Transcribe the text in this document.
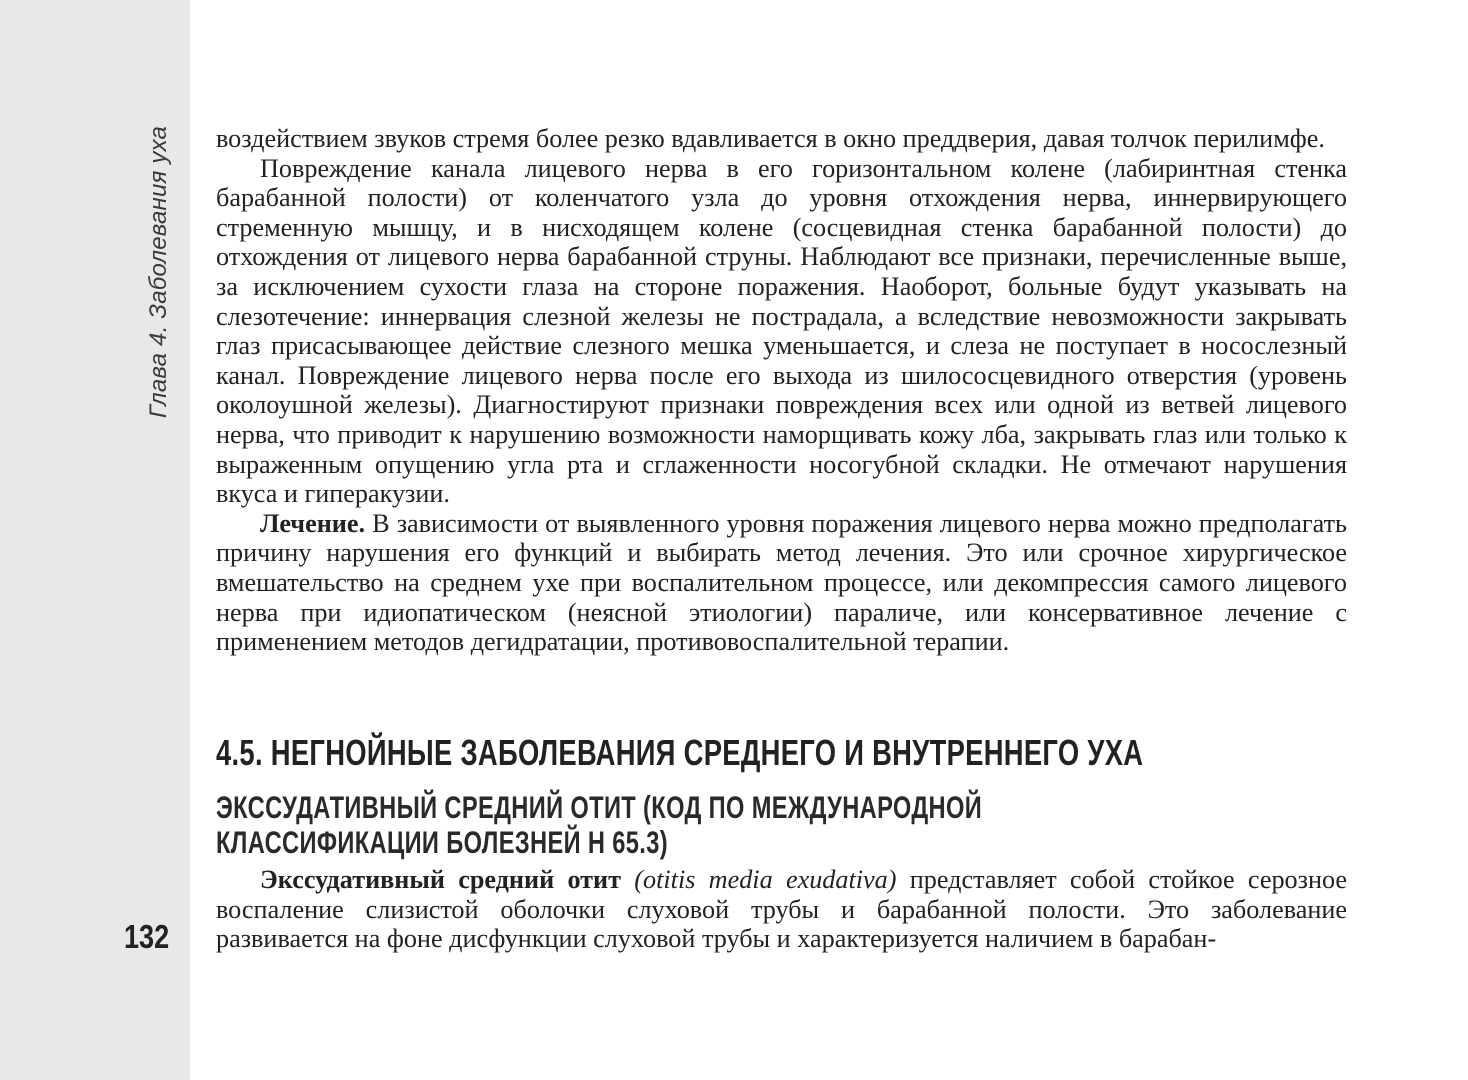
Глава 4. Заболевания уха
132

воздействием звуков стремя более резко вдавливается в окно преддверия, давая толчок перилимфе.

Повреждение канала лицевого нерва в его горизонтальном колене (лабиринтная стенка барабанной полости) от коленчатого узла до уровня отхождения нерва, иннервирующего стременную мышцу, и в нисходящем колене (сосцевидная стенка барабанной полости) до отхождения от лицевого нерва барабанной струны. Наблюдают все признаки, перечисленные выше, за исключением сухости глаза на стороне поражения. Наоборот, больные будут указывать на слезотечение: иннервация слезной железы не пострадала, а вследствие невозможности закрывать глаз присасывающее действие слезного мешка уменьшается, и слеза не поступает в носослезный канал. Повреждение лицевого нерва после его выхода из шилососцевидного отверстия (уровень околоушной железы). Диагностируют признаки повреждения всех или одной из ветвей лицевого нерва, что приводит к нарушению возможности наморщивать кожу лба, закрывать глаз или только к выраженным опущению угла рта и сглаженности носогубной складки. Не отмечают нарушения вкуса и гиперакузии.

Лечение. В зависимости от выявленного уровня поражения лицевого нерва можно предполагать причину нарушения его функций и выбирать метод лечения. Это или срочное хирургическое вмешательство на среднем ухе при воспалительном процессе, или декомпрессия самого лицевого нерва при идиопатическом (неясной этиологии) параличе, или консервативное лечение с применением методов дегидратации, противовоспалительной терапии.

4.5. НЕГНОЙНЫЕ ЗАБОЛЕВАНИЯ СРЕДНЕГО И ВНУТРЕННЕГО УХА
ЭКССУДАТИВНЫЙ СРЕДНИЙ ОТИТ (КОД ПО МЕЖДУНАРОДНОЙ
КЛАССИФИКАЦИИ БОЛЕЗНЕЙ Н 65.3)

Экссудативный средний отит (otitis media exudativa) представляет собой стойкое серозное воспаление слизистой оболочки слуховой трубы и барабанной полости. Это заболевание развивается на фоне дисфункции слуховой трубы и характеризуется наличием в барабан-
